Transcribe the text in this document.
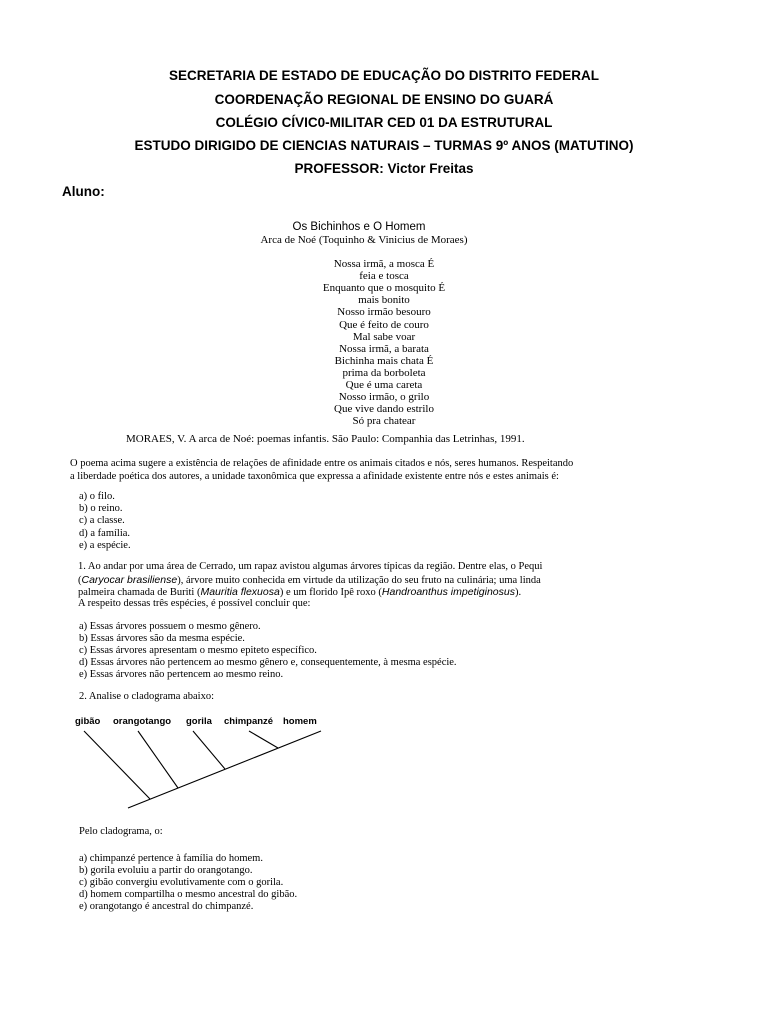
SECRETARIA DE ESTADO DE EDUCAÇÃO DO DISTRITO FEDERAL
COORDENAÇÃO REGIONAL DE ENSINO DO GUARÁ
COLÉGIO CÍVIC0-MILITAR CED 01 DA ESTRUTURAL
ESTUDO DIRIGIDO DE CIENCIAS NATURAIS – TURMAS 9º ANOS (MATUTINO)
PROFESSOR: Victor Freitas
Aluno:
Os Bichinhos e O Homem
Arca de Noé (Toquinho & Vinicius de Moraes)
Nossa irmã, a mosca É
feia e tosca
Enquanto que o mosquito É
mais bonito
Nosso irmão besouro
Que é feito de couro
Mal sabe voar
Nossa irmã, a barata
Bichinha mais chata É
prima da borboleta
Que é uma careta
Nosso irmão, o grilo
Que vive dando estrilo
Só pra chatear
MORAES, V. A arca de Noé: poemas infantis. São Paulo: Companhia das Letrinhas, 1991.
O poema acima sugere a existência de relações de afinidade entre os animais citados e nós, seres humanos. Respeitando
a liberdade poética dos autores, a unidade taxonômica que expressa a afinidade existente entre nós e estes animais é:
a) o filo.
b) o reino.
c) a classe.
d) a família.
e) a espécie.
1. Ao andar por uma área de Cerrado, um rapaz avistou algumas árvores típicas da região. Dentre elas, o Pequi
(Caryocar brasiliense), árvore muito conhecida em virtude da utilização do seu fruto na culinária; uma linda
palmeira chamada de Buriti (Mauritia flexuosa) e um florido Ipê roxo (Handroanthus impetiginosus).
A respeito dessas três espécies, é possível concluir que:
a) Essas árvores possuem o mesmo gênero.
b) Essas árvores são da mesma espécie.
c) Essas árvores apresentam o mesmo epiteto específico.
d) Essas árvores não pertencem ao mesmo gênero e, consequentemente, à mesma espécie.
e) Essas árvores não pertencem ao mesmo reino.
2. Analise o cladograma abaixo:
gibão orangotango gorila chimpanzé homem
Pelo cladograma, o:
a) chimpanzé pertence à família do homem.
b) gorila evoluiu a partir do orangotango.
c) gibão convergiu evolutivamente com o gorila.
d) homem compartilha o mesmo ancestral do gibão.
e) orangotango é ancestral do chimpanzé.
